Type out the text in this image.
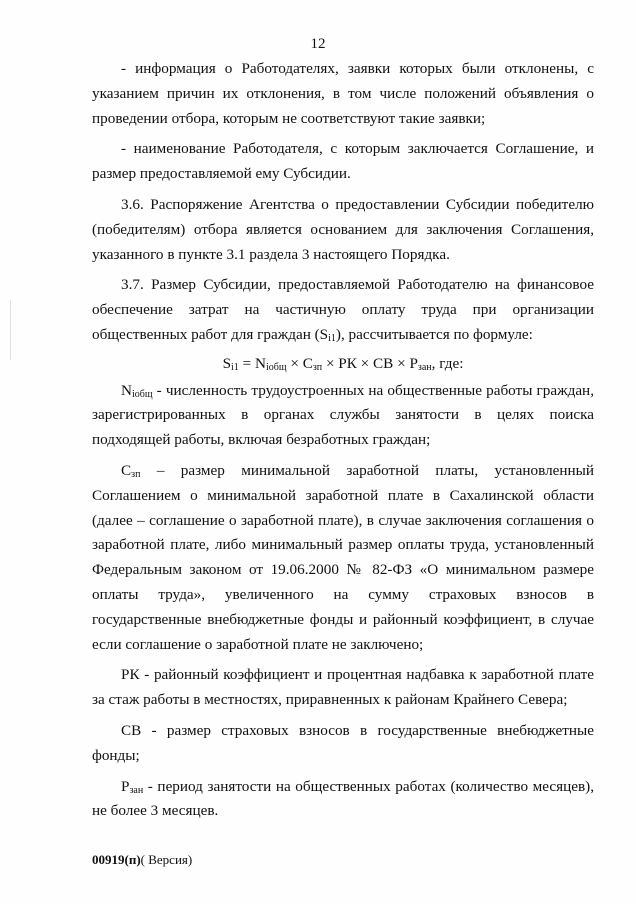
12

- информация о Работодателях, заявки которых были отклонены, с указанием причин их отклонения, в том числе положений объявления о проведении отбора, которым не соответствуют такие заявки;

- наименование Работодателя, с которым заключается Соглашение, и размер предоставляемой ему Субсидии.

3.6. Распоряжение Агентства о предоставлении Субсидии победителю (победителям) отбора является основанием для заключения Соглашения, указанного в пункте 3.1 раздела 3 настоящего Порядка.

3.7. Размер Субсидии, предоставляемой Работодателю на финансовое обеспечение затрат на частичную оплату труда при организации общественных работ для граждан $(S_{i1})$, рассчитывается по формуле:

$S_{i1} = N_{iобщ} \times C_{зп}$ × РК × СВ × $P_{зан}$, где:

$N_{iобщ}$ - численность трудоустроенных на общественные работы граждан, зарегистрированных в органах службы занятости в целях поиска подходящей работы, включая безработных граждан;

$C_{зп}$ – размер минимальной заработной платы, установленный Соглашением о минимальной заработной плате в Сахалинской области (далее – соглашение о заработной плате), в случае заключения соглашения о заработной плате, либо минимальный размер оплаты труда, установленный Федеральным законом от 19.06.2000 № 82-ФЗ «О минимальном размере оплаты труда», увеличенного на сумму страховых взносов в государственные внебюджетные фонды и районный коэффициент, в случае если соглашение о заработной плате не заключено;

РК - районный коэффициент и процентная надбавка к заработной плате за стаж работы в местностях, приравненных к районам Крайнего Севера;

СВ - размер страховых взносов в государственные внебюджетные фонды;

$P_{зан}$ - период занятости на общественных работах (количество месяцев), не более 3 месяцев.

00919(п)( Версия)
